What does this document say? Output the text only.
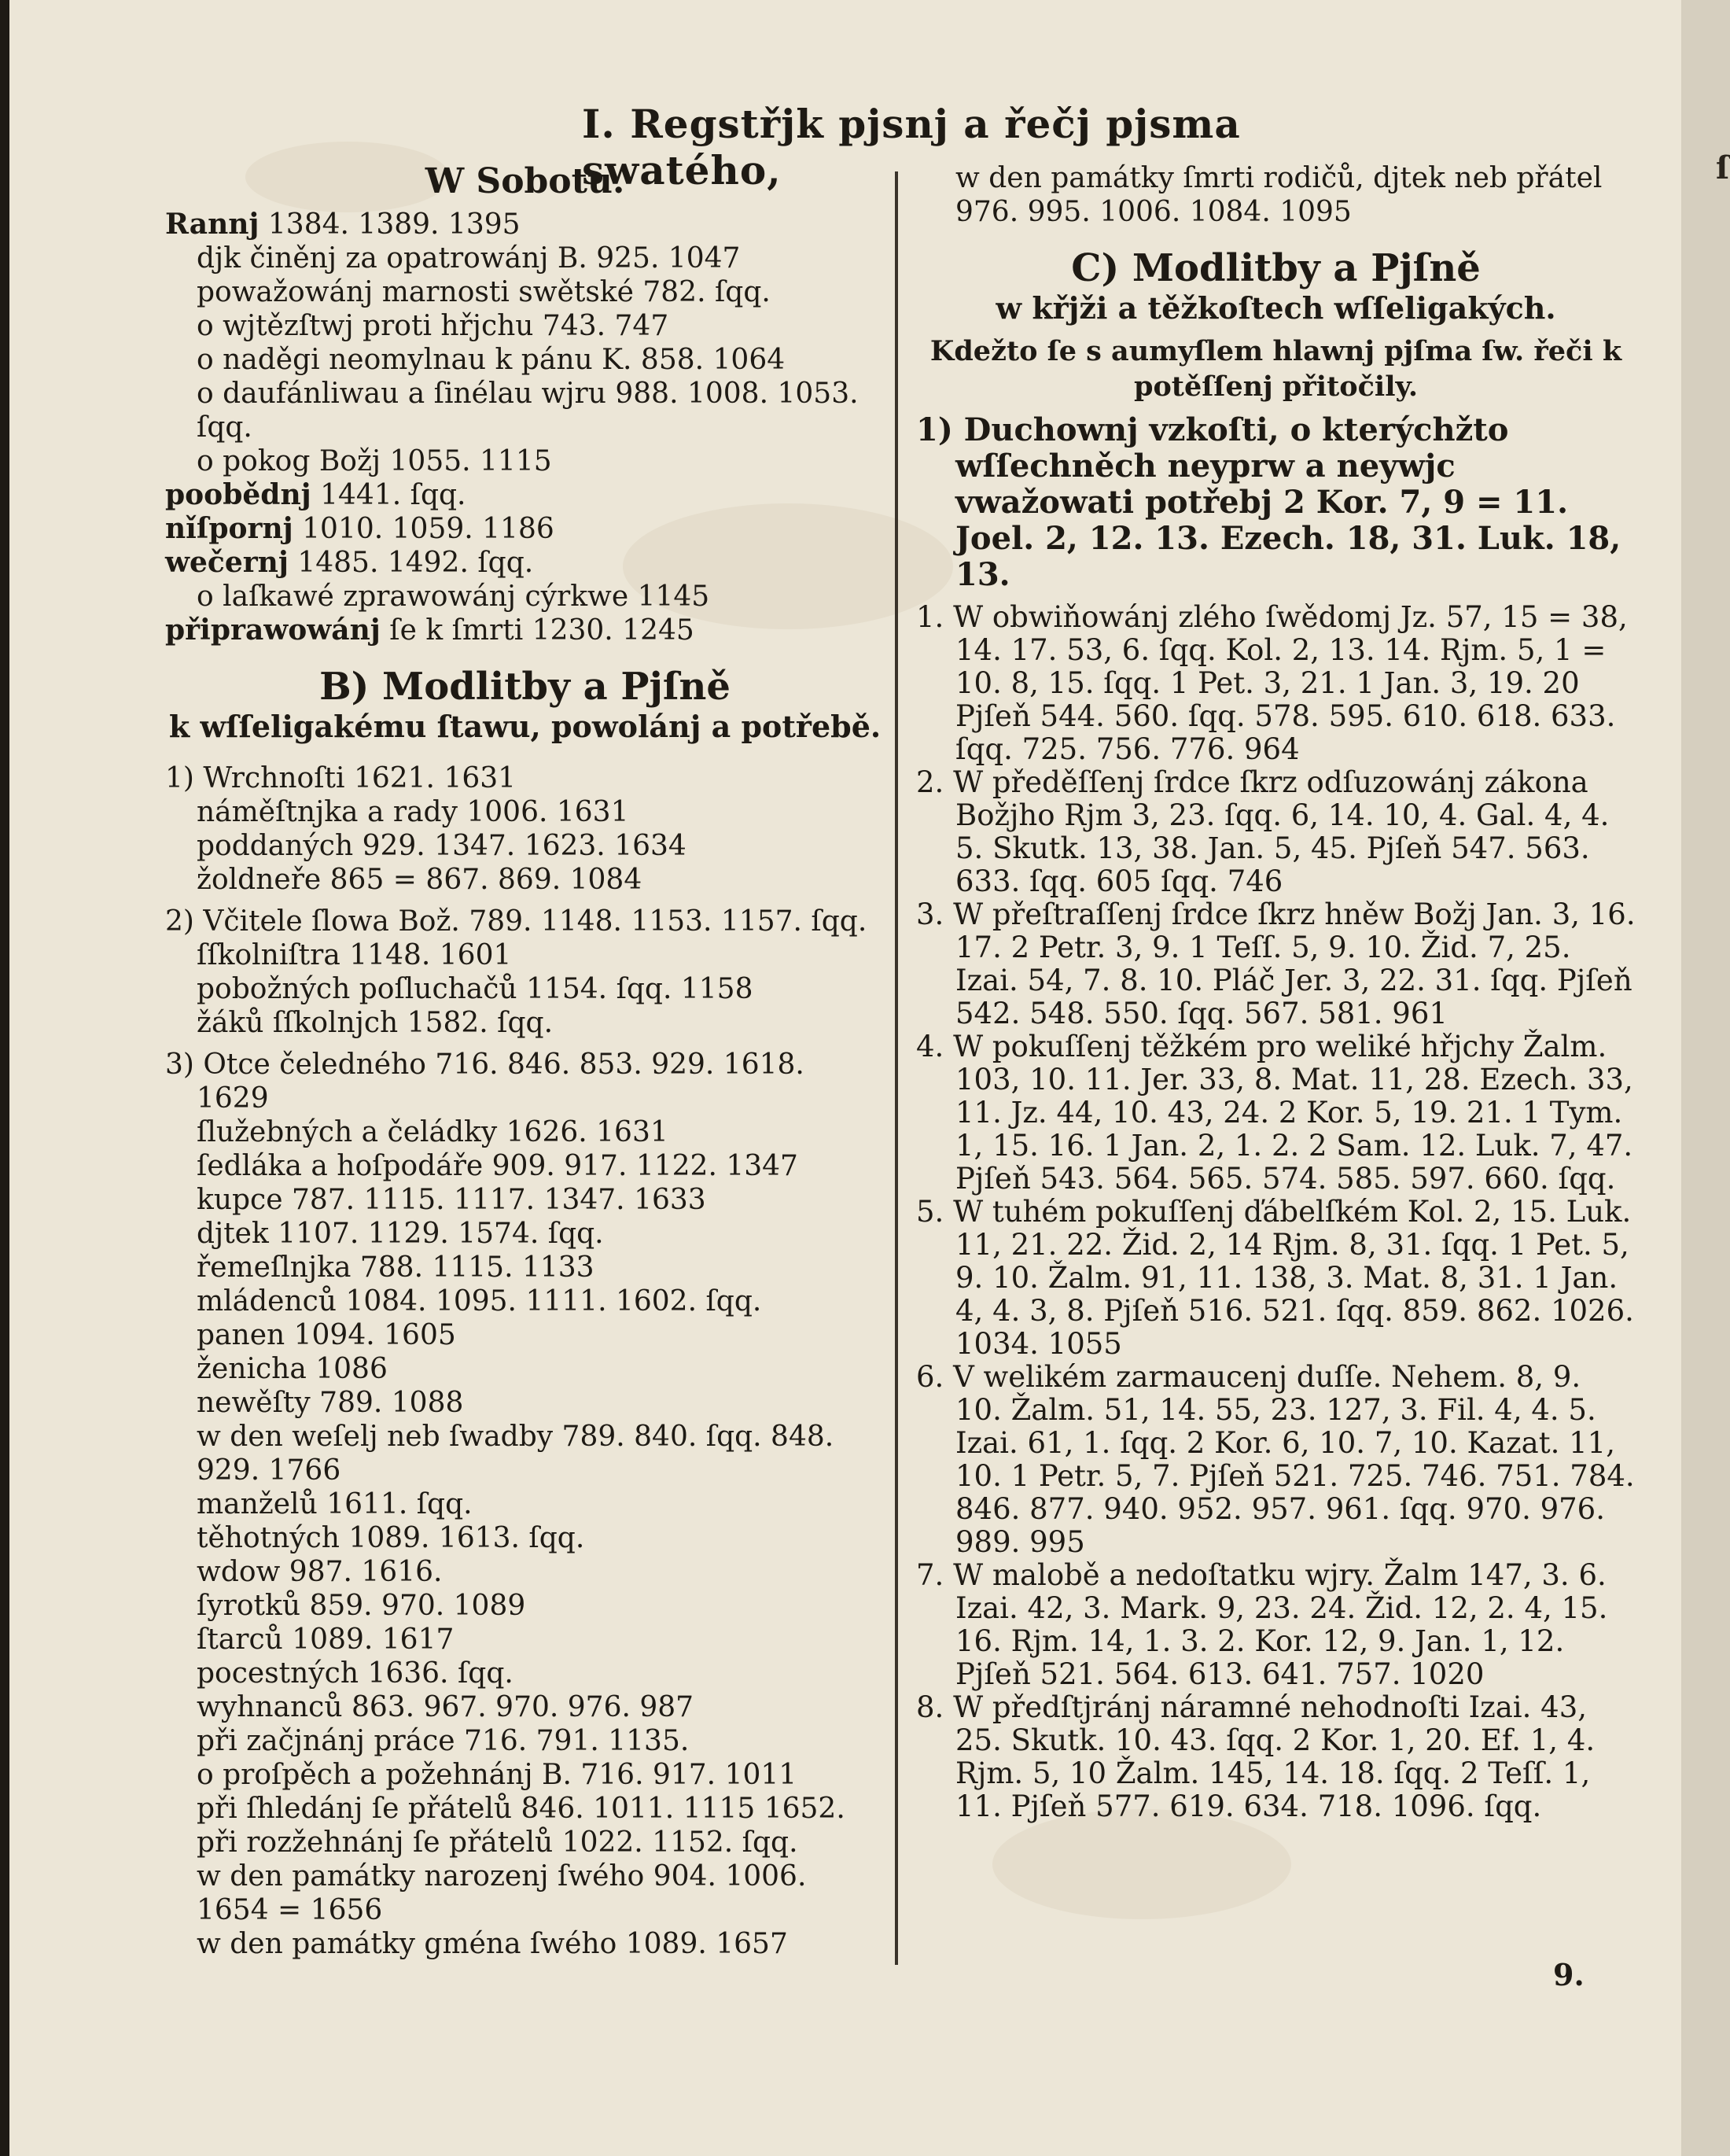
ſ
I. Regstřjk pjsnj a řečj pjsma swatého,

W Sobotu.

Rannj 1384. 1389. 1395
djk činěnj za opatrowánj B. 925. 1047
powažowánj marnosti swětské 782. ſqq.
o wjtězſtwj proti hřjchu 743. 747
o naděgi neomylnau k pánu K. 858. 1064
o daufánliwau a ſinélau wjru 988. 1008. 1053. ſqq.
o pokog Božj 1055. 1115
poobědnj 1441. ſqq.
nǐſpornj 1010. 1059. 1186
wečernj 1485. 1492. ſqq.
o laſkawé zprawowánj cýrkwe 1145
připrawowánj ſe k ſmrti 1230. 1245

B) Modlitby a Pjſně

k wſſeligakému ſtawu, powolánj a potřebě.

1) Wrchnoſti 1621. 1631
náměſtnjka a rady 1006. 1631
poddaných 929. 1347. 1623. 1634
žoldneře 865 = 867. 869. 1084
2) Včitele ſlowa Bož. 789. 1148. 1153. 1157. ſqq.
ſſkolniſtra 1148. 1601
pobožných poſluchačů 1154. ſqq. 1158
žáků ſſkolnjch 1582. ſqq.
3) Otce čeledného 716. 846. 853. 929. 1618. 1629
ſlužebných a čeládky 1626. 1631
ſedláka a hoſpodáře 909. 917. 1122. 1347
kupce 787. 1115. 1117. 1347. 1633
djtek 1107. 1129. 1574. ſqq.
řemeſlnjka 788. 1115. 1133
mládenců 1084. 1095. 1111. 1602. ſqq.
panen 1094. 1605
ženicha 1086
newěſty 789. 1088
w den weſelj neb ſwadby 789. 840. ſqq. 848. 929. 1766
manželů 1611. ſqq.
těhotných 1089. 1613. ſqq.
wdow 987. 1616.
ſyrotků 859. 970. 1089
ſtarců 1089. 1617
pocestných 1636. ſqq.
wyhnanců 863. 967. 970. 976. 987
při začjnánj práce 716. 791. 1135.
o proſpěch a požehnánj B. 716. 917. 1011
při ſhledánj ſe přátelů 846. 1011. 1115 1652.
při rozžehnánj ſe přátelů 1022. 1152. ſqq.
w den památky narozenj ſwého 904. 1006. 1654 = 1656
w den památky gména ſwého 1089. 1657
w den památky ſmrti rodičů, djtek neb přátel 976. 995. 1006. 1084. 1095

C) Modlitby a Pjſně

w křjži a těžkoſtech wſſeligakých.

Kdežto ſe s aumyſlem hlawnj pjſma ſw. řeči k potěſſenj přitočily.

1) Duchownj vzkoſti, o kterýchžto wſſechněch neyprw a neywjc vwažowati potřebj 2 Kor. 7, 9 = 11. Joel. 2, 12. 13. Ezech. 18, 31. Luk. 18, 13.
1. W obwiňowánj zlého ſwědomj Jz. 57, 15 = 38, 14. 17. 53, 6. ſqq. Kol. 2, 13. 14. Rjm. 5, 1 = 10. 8, 15. ſqq. 1 Pet. 3, 21. 1 Jan. 3, 19. 20 Pjſeň 544. 560. ſqq. 578. 595. 610. 618. 633. ſqq. 725. 756. 776. 964
2. W předěſſenj ſrdce ſkrz odſuzowánj zákona Božjho Rjm 3, 23. ſqq. 6, 14. 10, 4. Gal. 4, 4. 5. Skutk. 13, 38. Jan. 5, 45. Pjſeň 547. 563. 633. ſqq. 605 ſqq. 746
3. W přeſtraſſenj ſrdce ſkrz hněw Božj Jan. 3, 16. 17. 2 Petr. 3, 9. 1 Teſſ. 5, 9. 10. Žid. 7, 25. Izai. 54, 7. 8. 10. Pláč Jer. 3, 22. 31. ſqq. Pjſeň 542. 548. 550. ſqq. 567. 581. 961
4. W pokuſſenj těžkém pro weliké hřjchy Žalm. 103, 10. 11. Jer. 33, 8. Mat. 11, 28. Ezech. 33, 11. Jz. 44, 10. 43, 24. 2 Kor. 5, 19. 21. 1 Tym. 1, 15. 16. 1 Jan. 2, 1. 2. 2 Sam. 12. Luk. 7, 47. Pjſeň 543. 564. 565. 574. 585. 597. 660. ſqq.
5. W tuhém pokuſſenj ďábelſkém Kol. 2, 15. Luk. 11, 21. 22. Žid. 2, 14 Rjm. 8, 31. ſqq. 1 Pet. 5, 9. 10. Žalm. 91, 11. 138, 3. Mat. 8, 31. 1 Jan. 4, 4. 3, 8. Pjſeň 516. 521. ſqq. 859. 862. 1026. 1034. 1055
6. V welikém zarmaucenj duſſe. Nehem. 8, 9. 10. Žalm. 51, 14. 55, 23. 127, 3. Fil. 4, 4. 5. Izai. 61, 1. ſqq. 2 Kor. 6, 10. 7, 10. Kazat. 11, 10. 1 Petr. 5, 7. Pjſeň 521. 725. 746. 751. 784. 846. 877. 940. 952. 957. 961. ſqq. 970. 976. 989. 995
7. W malobě a nedoſtatku wjry. Žalm 147, 3. 6. Izai. 42, 3. Mark. 9, 23. 24. Žid. 12, 2. 4, 15. 16. Rjm. 14, 1. 3. 2. Kor. 12, 9. Jan. 1, 12. Pjſeň 521. 564. 613. 641. 757. 1020
8. W předſtjránj náramné nehodnoſti Izai. 43, 25. Skutk. 10. 43. ſqq. 2 Kor. 1, 20. Ef. 1, 4. Rjm. 5, 10 Žalm. 145, 14. 18. ſqq. 2 Teſſ. 1, 11. Pjſeň 577. 619. 634. 718. 1096. ſqq.
9.
